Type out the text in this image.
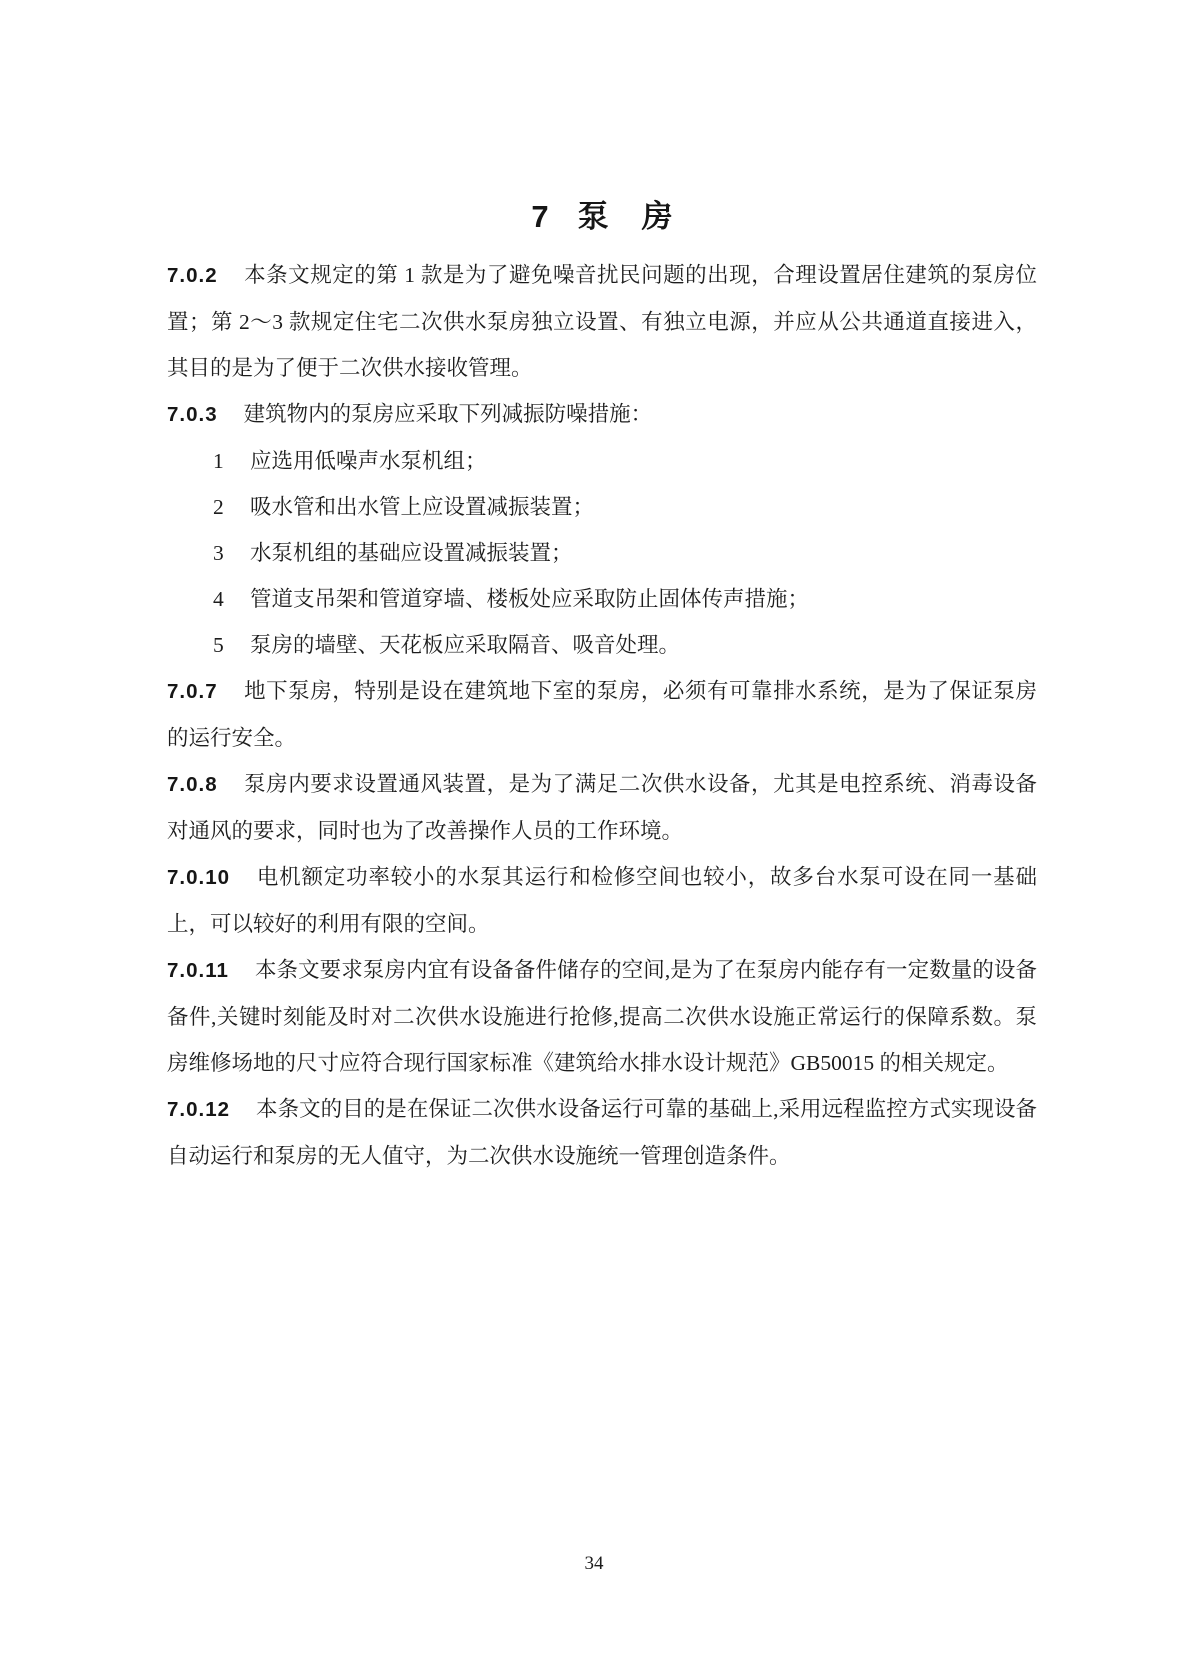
7 泵 房

7.0.2 本条文规定的第 1 款是为了避免噪音扰民问题的出现，合理设置居住建筑的泵房位置；第 2～3 款规定住宅二次供水泵房独立设置、有独立电源，并应从公共通道直接进入，其目的是为了便于二次供水接收管理。

7.0.3 建筑物内的泵房应采取下列减振防噪措施：

1 应选用低噪声水泵机组；

2 吸水管和出水管上应设置减振装置；

3 水泵机组的基础应设置减振装置；

4 管道支吊架和管道穿墙、楼板处应采取防止固体传声措施；

5 泵房的墙壁、天花板应采取隔音、吸音处理。

7.0.7 地下泵房，特别是设在建筑地下室的泵房，必须有可靠排水系统，是为了保证泵房的运行安全。

7.0.8 泵房内要求设置通风装置，是为了满足二次供水设备，尤其是电控系统、消毒设备对通风的要求，同时也为了改善操作人员的工作环境。

7.0.10 电机额定功率较小的水泵其运行和检修空间也较小，故多台水泵可设在同一基础上，可以较好的利用有限的空间。

7.0.11 本条文要求泵房内宜有设备备件储存的空间,是为了在泵房内能存有一定数量的设备备件,关键时刻能及时对二次供水设施进行抢修,提高二次供水设施正常运行的保障系数。泵房维修场地的尺寸应符合现行国家标准《建筑给水排水设计规范》GB50015 的相关规定。

7.0.12 本条文的目的是在保证二次供水设备运行可靠的基础上,采用远程监控方式实现设备自动运行和泵房的无人值守，为二次供水设施统一管理创造条件。

34
